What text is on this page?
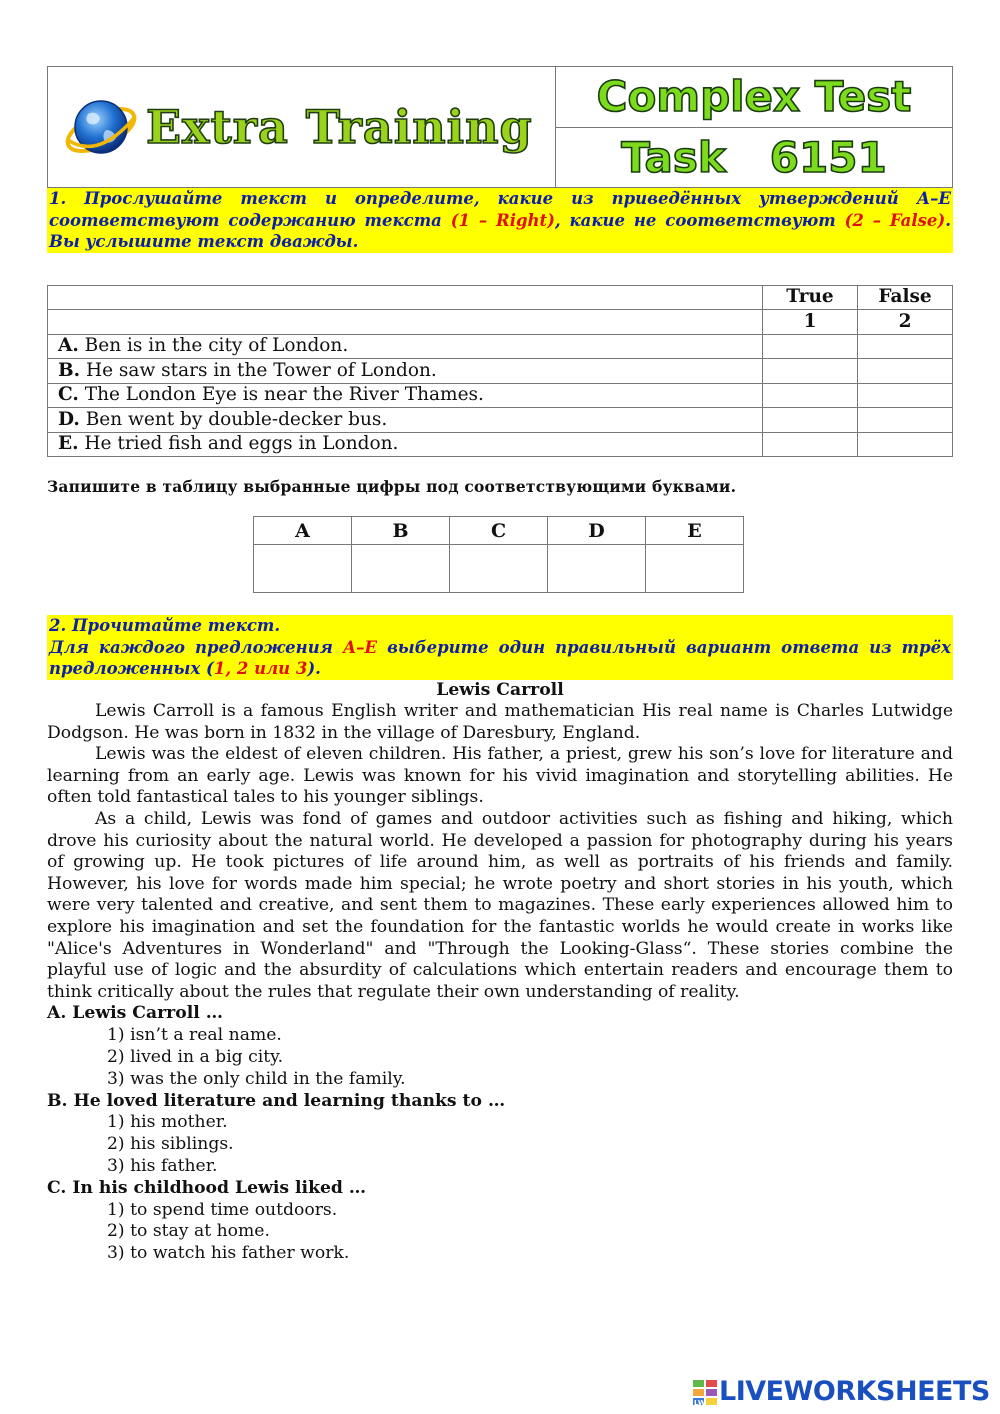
Extra Training
Complex Test
Task 6151
1. Прослушайте текст и определите, какие из приведённых утверждений А–Е соответствуют содержанию текста (1 – Right), какие не соответствуют (2 – False). Вы услышите текст дважды.
	True	False
	1	2
A. Ben is in the city of London.		
B. He saw stars in the Tower of London.		
C. The London Eye is near the River Thames.		
D. Ben went by double-decker bus.		
E. He tried fish and eggs in London.		
Запишите в таблицу выбранные цифры под соответствующими буквами.
A	B	C	D	E

2. Прочитайте текст.
Для каждого предложения А–Е выберите один правильный вариант ответа из трёх предложенных (1, 2 или 3).
Lewis Carroll

Lewis Carroll is a famous English writer and mathematician His real name is Charles Lutwidge Dodgson. He was born in 1832 in the village of Daresbury, England.

Lewis was the eldest of eleven children. His father, a priest, grew his son’s love for literature and learning from an early age. Lewis was known for his vivid imagination and storytelling abilities. He often told fantastical tales to his younger siblings.

As a child, Lewis was fond of games and outdoor activities such as fishing and hiking, which drove his curiosity about the natural world. He developed a passion for photography during his years of growing up. He took pictures of life around him, as well as portraits of his friends and family. However, his love for words made him special; he wrote poetry and short stories in his youth, which were very talented and creative, and sent them to magazines. These early experiences allowed him to explore his imagination and set the foundation for the fantastic worlds he would create in works like "Alice's Adventures in Wonderland" and "Through the Looking-Glass“. These stories combine the playful use of logic and the absurdity of calculations which entertain readers and encourage them to think critically about the rules that regulate their own understanding of reality.

A. Lewis Carroll …
1) isn’t a real name.
2) lived in a big city.
3) was the only child in the family.
B. He loved literature and learning thanks to …
1) his mother.
2) his siblings.
3) his father.
C. In his childhood Lewis liked …
1) to spend time outdoors.
2) to stay at home.
3) to watch his father work.
LW LIVEWORKSHEETS
